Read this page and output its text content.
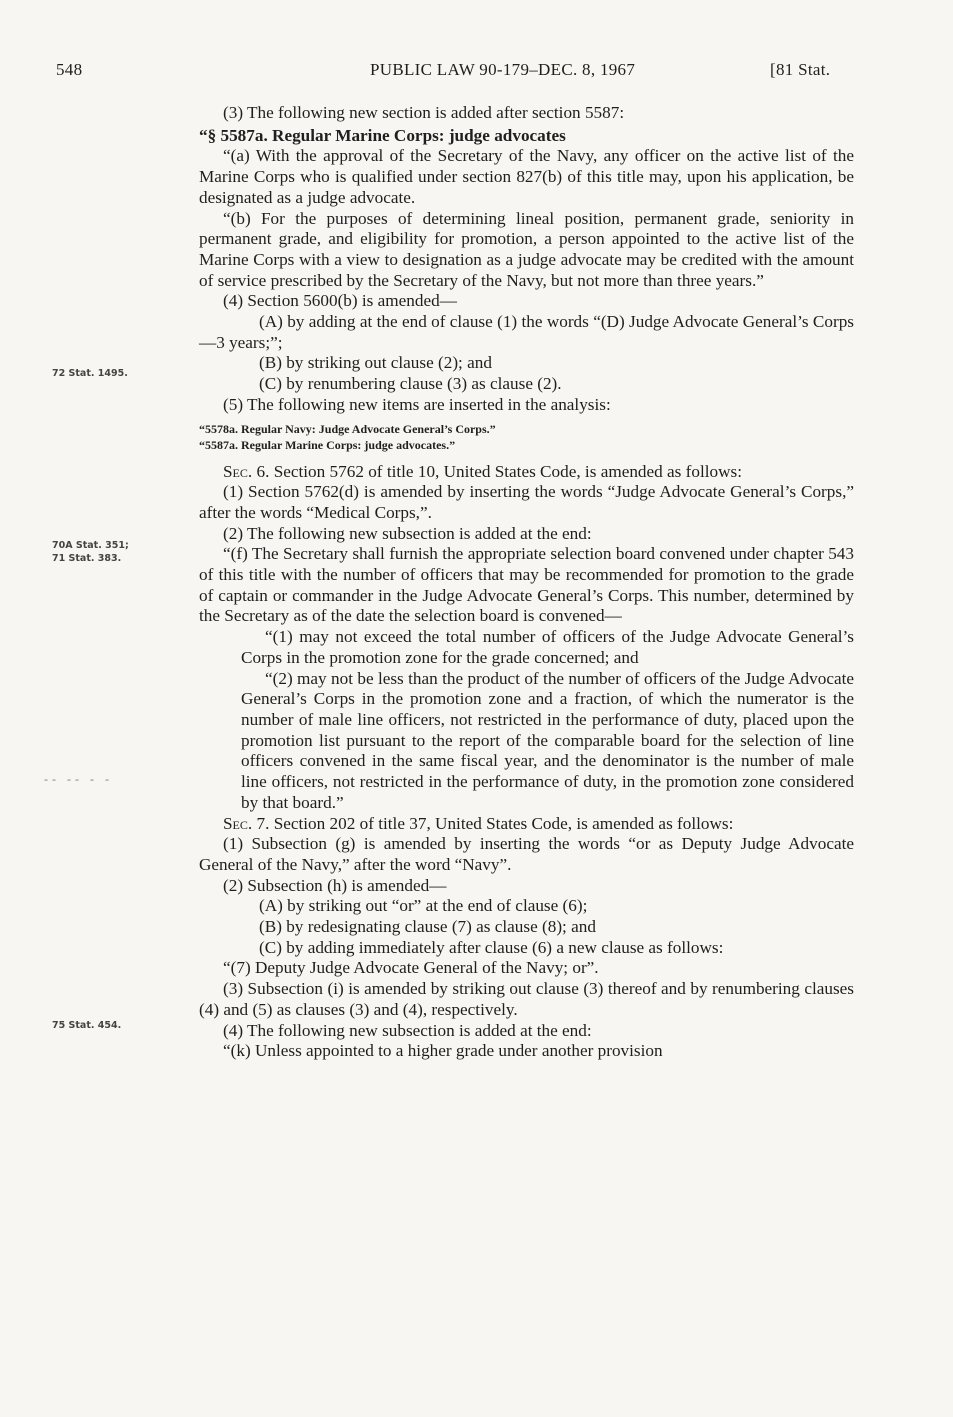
548	PUBLIC LAW 90-179–DEC. 8, 1967	[81 Stat.
72 Stat. 1495.
70A Stat. 351;
71 Stat. 383.
75 Stat. 454.
-- -- - -

(3) The following new section is added after section 5587:

“§ 5587a. Regular Marine Corps: judge advocates

“(a) With the approval of the Secretary of the Navy, any officer on the active list of the Marine Corps who is qualified under section 827(b) of this title may, upon his application, be designated as a judge advocate.

“(b) For the purposes of determining lineal position, permanent grade, seniority in permanent grade, and eligibility for promotion, a person appointed to the active list of the Marine Corps with a view to designation as a judge advocate may be credited with the amount of service prescribed by the Secretary of the Navy, but not more than three years.”

(4) Section 5600(b) is amended—

(A) by adding at the end of clause (1) the words “(D) Judge Advocate General’s Corps—3 years;”;

(B) by striking out clause (2); and

(C) by renumbering clause (3) as clause (2).

(5) The following new items are inserted in the analysis:

“5578a. Regular Navy: Judge Advocate General’s Corps.”

“5587a. Regular Marine Corps: judge advocates.”

Sec. 6. Section 5762 of title 10, United States Code, is amended as follows:

(1) Section 5762(d) is amended by inserting the words “Judge Advocate General’s Corps,” after the words “Medical Corps,”.

(2) The following new subsection is added at the end:

“(f) The Secretary shall furnish the appropriate selection board convened under chapter 543 of this title with the number of officers that may be recommended for promotion to the grade of captain or commander in the Judge Advocate General’s Corps. This number, determined by the Secretary as of the date the selection board is convened—

“(1) may not exceed the total number of officers of the Judge Advocate General’s Corps in the promotion zone for the grade concerned; and

“(2) may not be less than the product of the number of officers of the Judge Advocate General’s Corps in the promotion zone and a fraction, of which the numerator is the number of male line officers, not restricted in the performance of duty, placed upon the promotion list pursuant to the report of the comparable board for the selection of line officers convened in the same fiscal year, and the denominator is the number of male line officers, not restricted in the performance of duty, in the promotion zone considered by that board.”

Sec. 7. Section 202 of title 37, United States Code, is amended as follows:

(1) Subsection (g) is amended by inserting the words “or as Deputy Judge Advocate General of the Navy,” after the word “Navy”.

(2) Subsection (h) is amended—

(A) by striking out “or” at the end of clause (6);

(B) by redesignating clause (7) as clause (8); and

(C) by adding immediately after clause (6) a new clause as follows:

“(7) Deputy Judge Advocate General of the Navy; or”.

(3) Subsection (i) is amended by striking out clause (3) thereof and by renumbering clauses (4) and (5) as clauses (3) and (4), respectively.

(4) The following new subsection is added at the end:

“(k) Unless appointed to a higher grade under another provision
